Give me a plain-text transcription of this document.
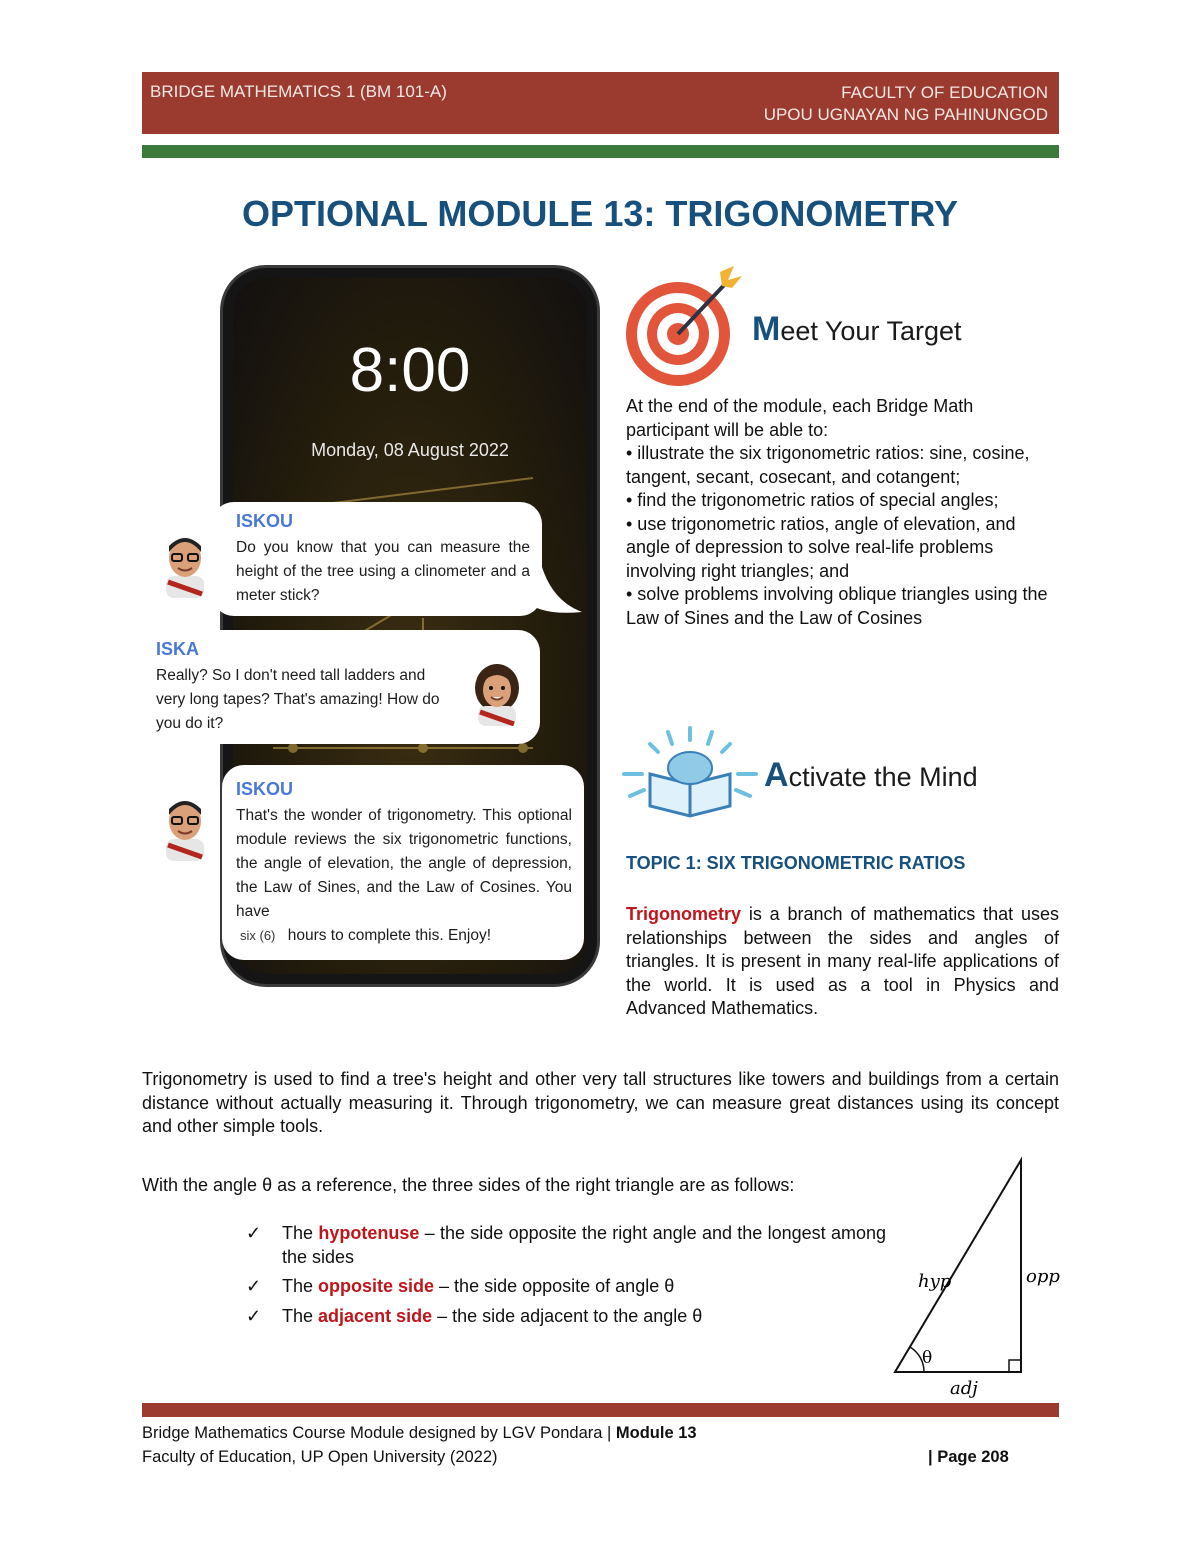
BRIDGE MATHEMATICS 1 (BM 101-A)	FACULTY OF EDUCATION
UPOU UGNAYAN NG PAHINUNGOD
OPTIONAL MODULE 13: TRIGONOMETRY
8:00
Monday, 08 August 2022
ISKOU
Do you know that you can measure the height of the tree using a clinometer and a meter stick?
ISKA
Really? So I don't need tall ladders and very long tapes? That's amazing! How do you do it?
ISKOU
That's the wonder of trigonometry. This optional module reviews the six trigonometric functions, the angle of elevation, the angle of depression, the Law of Sines, and the Law of Cosines. You have
six (6) hours to complete this. Enjoy!
Meet Your Target
At the end of the module, each Bridge Math participant will be able to:
• illustrate the six trigonometric ratios: sine, cosine, tangent, secant, cosecant, and cotangent;
• find the trigonometric ratios of special angles;
• use trigonometric ratios, angle of elevation, and angle of depression to solve real-life problems involving right triangles; and
• solve problems involving oblique triangles using the Law of Sines and the Law of Cosines
Activate the Mind
TOPIC 1: SIX TRIGONOMETRIC RATIOS
Trigonometry is a branch of mathematics that uses relationships between the sides and angles of triangles. It is present in many real-life applications of the world. It is used as a tool in Physics and Advanced Mathematics.
Trigonometry is used to find a tree's height and other very tall structures like towers and buildings from a certain distance without actually measuring it. Through trigonometry, we can measure great distances using its concept and other simple tools.
With the angle θ as a reference, the three sides of the right triangle are as follows:
✓	The hypotenuse – the side opposite the right angle and the longest among the sides
✓	The opposite side – the side opposite of angle θ
✓	The adjacent side – the side adjacent to the angle θ
hyp	opp
adj
θ
Bridge Mathematics Course Module designed by LGV Pondara | Module 13
Faculty of Education, UP Open University (2022)	| Page 208
